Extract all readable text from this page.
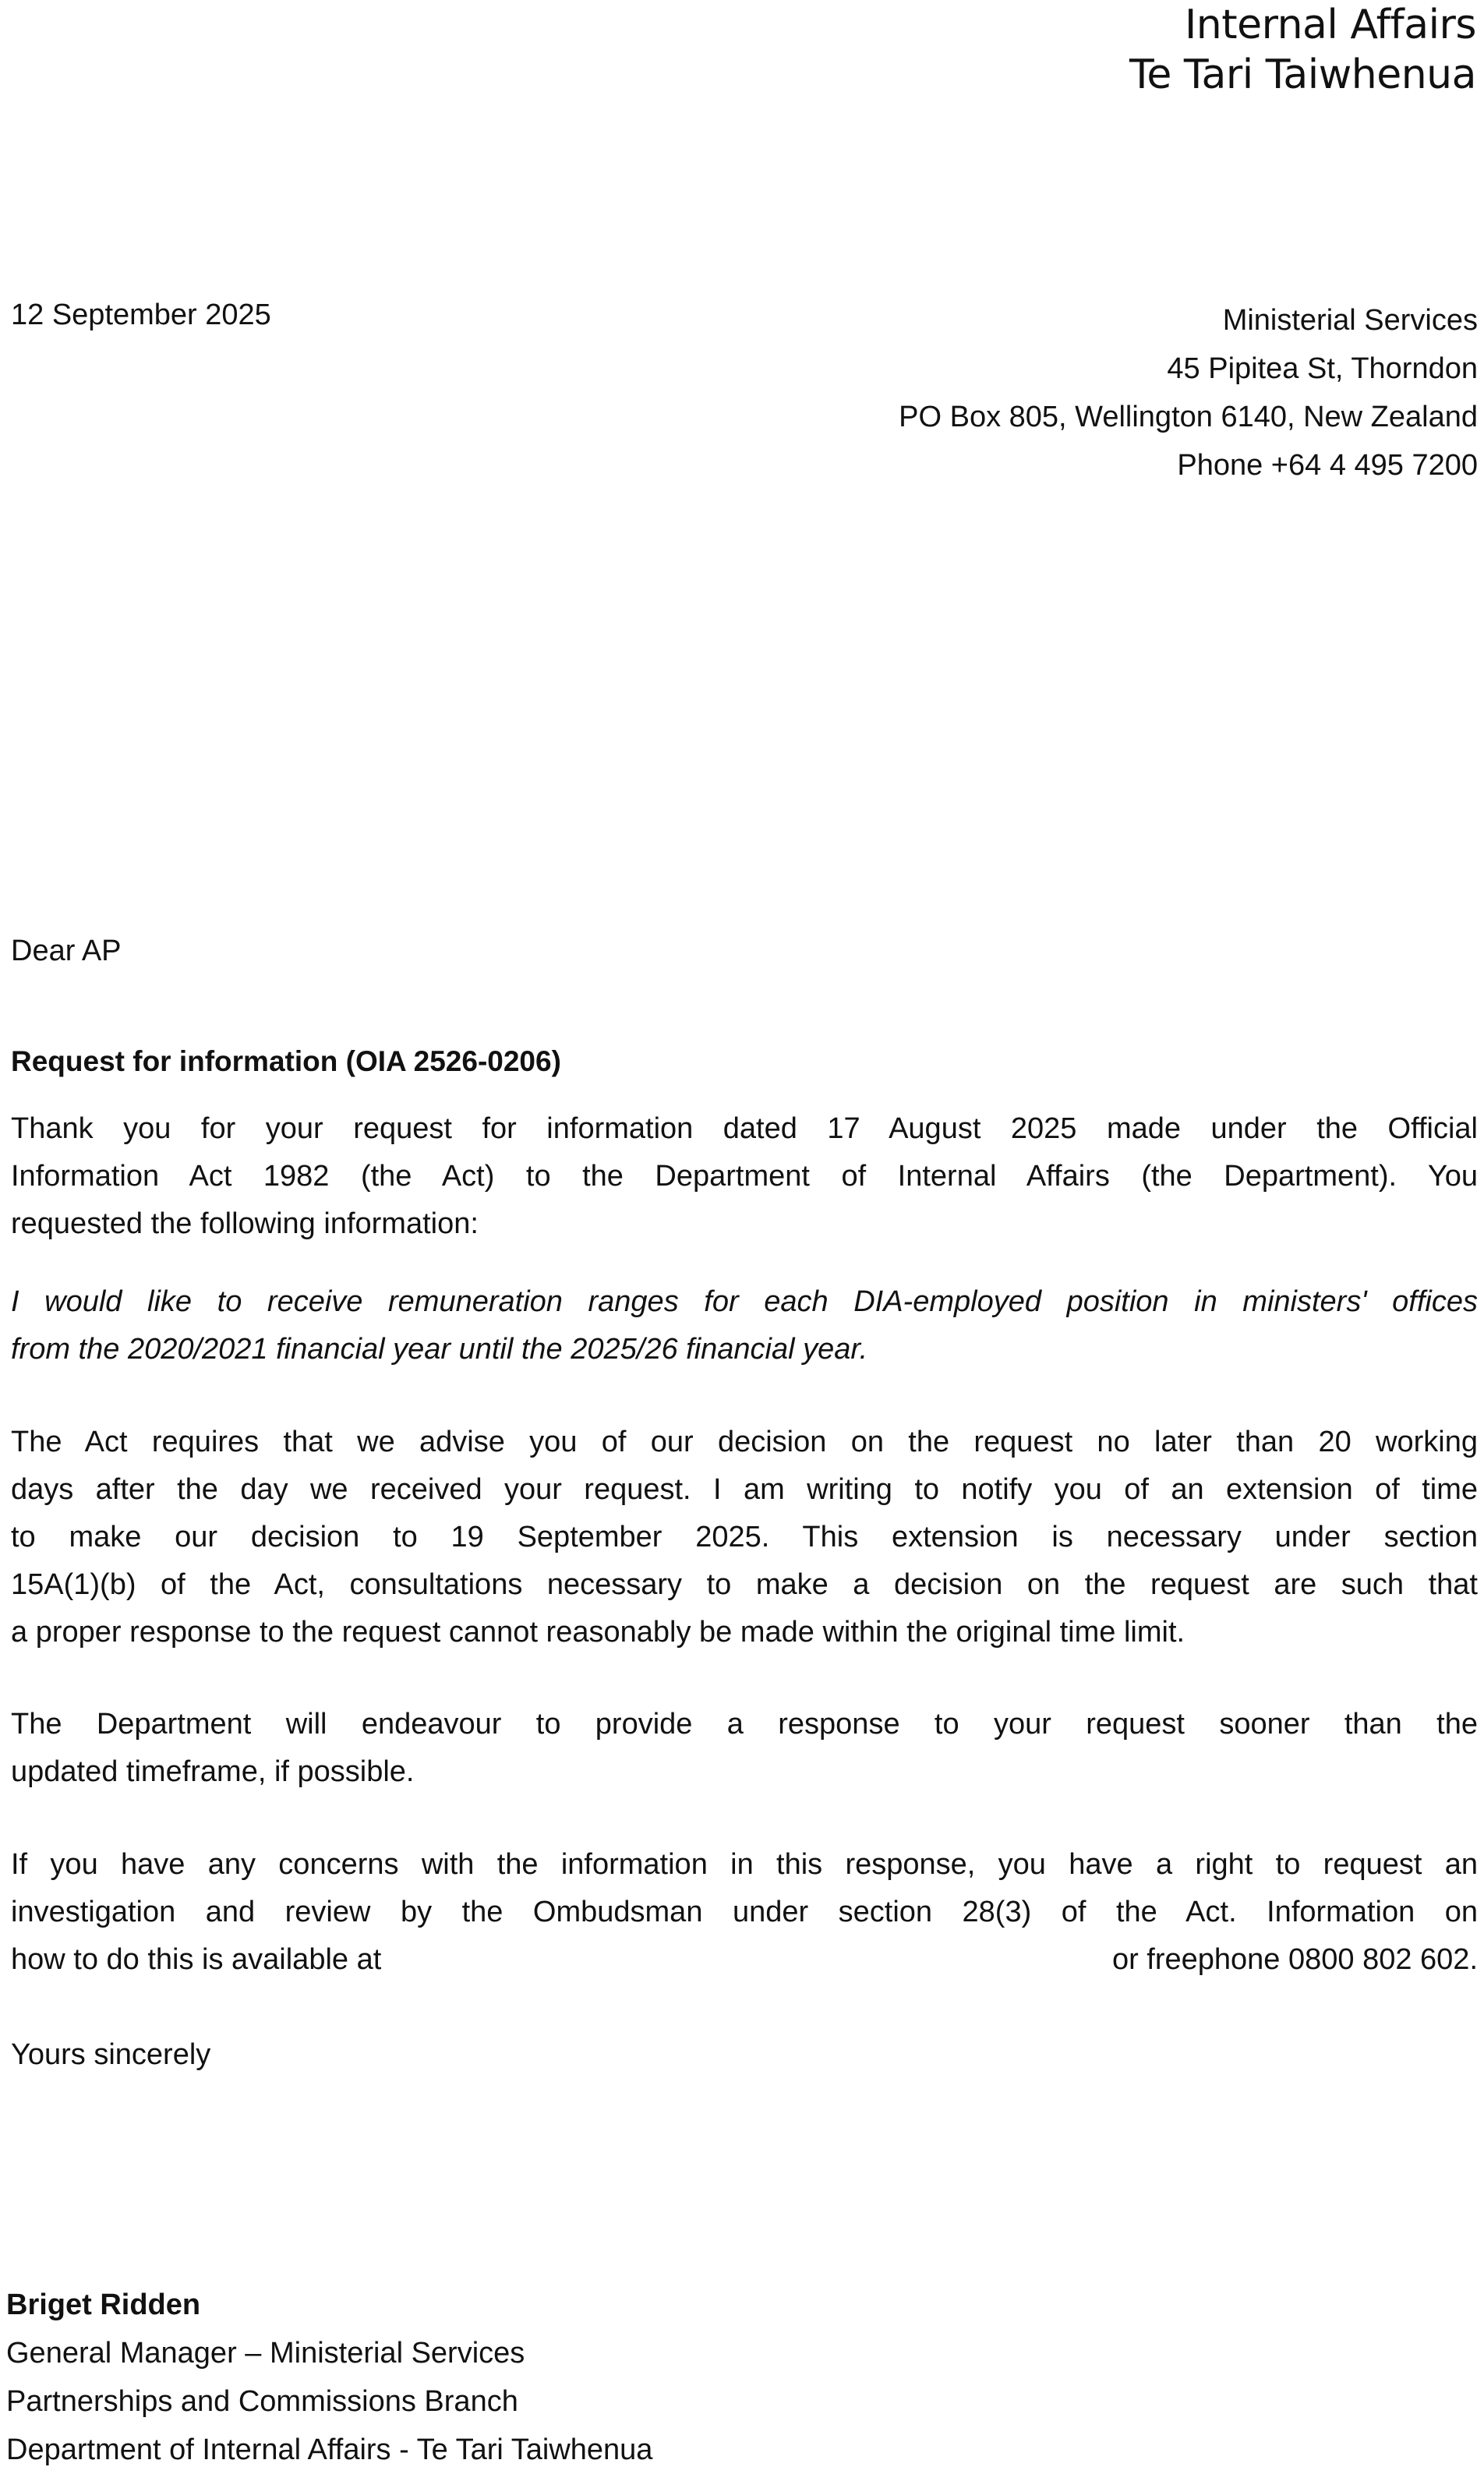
Internal Affairs
Te Tari Taiwhenua
12 September 2025	Ministerial Services
45 Pipitea St, Thorndon
PO Box 805, Wellington 6140, New Zealand
Phone +64 4 495 7200
Dear AP
Request for information (OIA 2526-0206)
Thank you for your request for information dated 17 August 2025 made under the Official
Information Act 1982 (the Act) to the Department of Internal Affairs (the Department). You
requested the following information:
I would like to receive remuneration ranges for each DIA-employed position in ministers' offices
from the 2020/2021 financial year until the 2025/26 financial year.
The Act requires that we advise you of our decision on the request no later than 20 working
days after the day we received your request. I am writing to notify you of an extension of time
to make our decision to 19 September 2025. This extension is necessary under section
15A(1)(b) of the Act, consultations necessary to make a decision on the request are such that
a proper response to the request cannot reasonably be made within the original time limit.
The Department will endeavour to provide a response to your request sooner than the
updated timeframe, if possible.
If you have any concerns with the information in this response, you have a right to request an
investigation and review by the Ombudsman under section 28(3) of the Act. Information on
how to do this is available at	or freephone 0800 802 602.
Yours sincerely
Briget Ridden
General Manager – Ministerial Services
Partnerships and Commissions Branch
Department of Internal Affairs - Te Tari Taiwhenua
